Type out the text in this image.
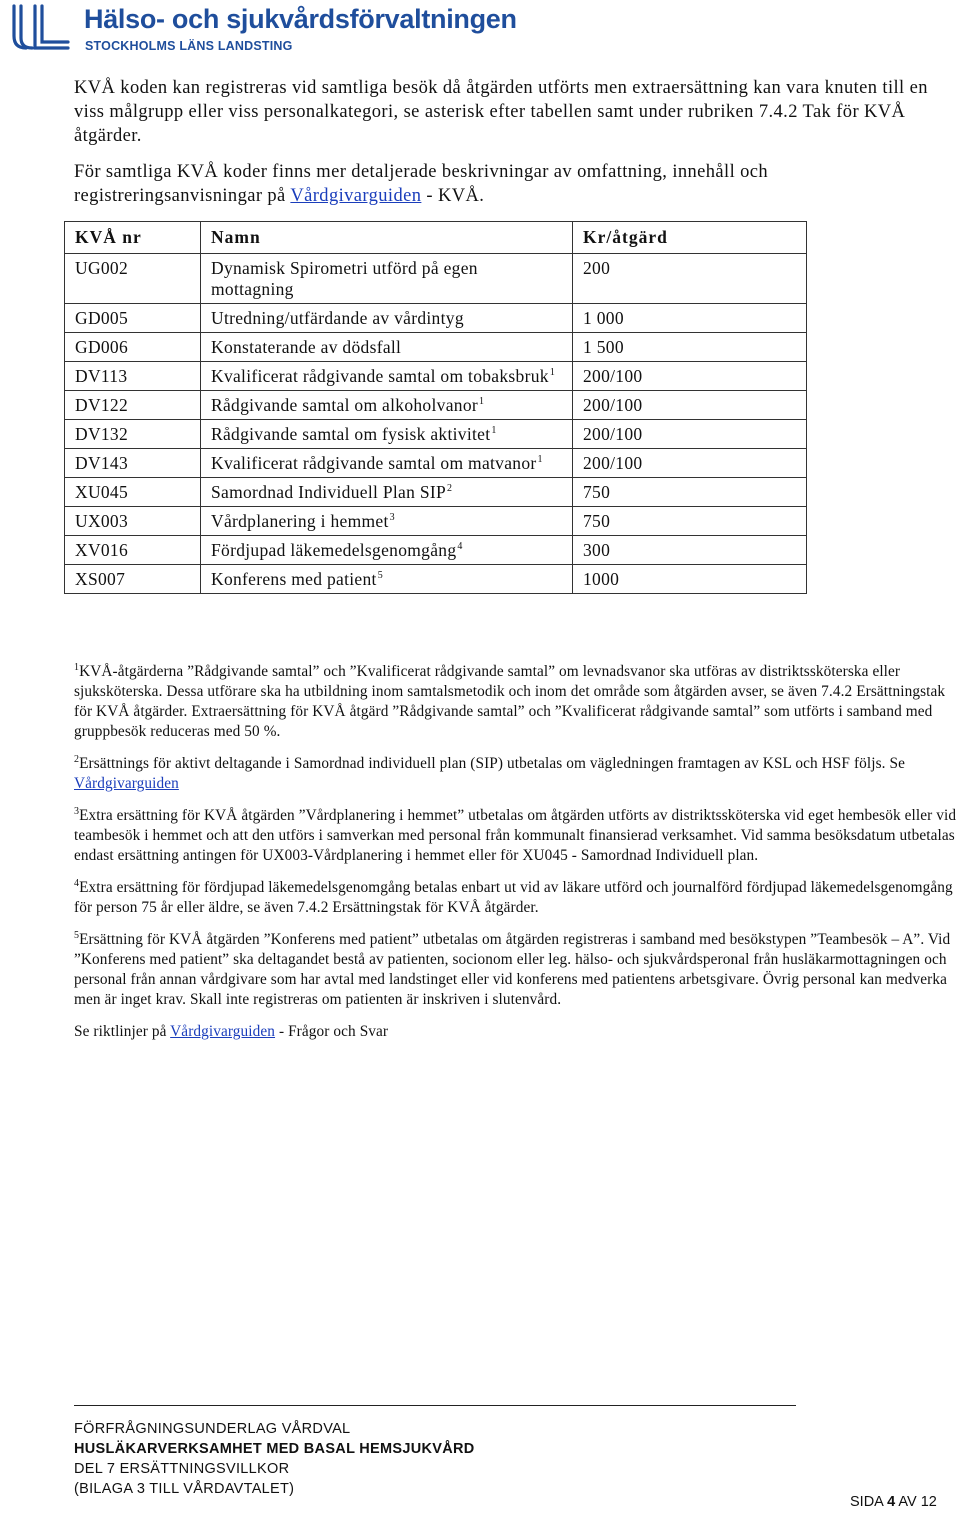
Hälso- och sjukvårdsförvaltningen
STOCKHOLMS LÄNS LANDSTING

KVÅ koden kan registreras vid samtliga besök då åtgärden utförts men extraersättning kan vara knuten till en viss målgrupp eller viss personalkategori, se asterisk efter tabellen samt under rubriken 7.4.2 Tak för KVÅ åtgärder.

För samtliga KVÅ koder finns mer detaljerade beskrivningar av omfattning, innehåll och registreringsanvisningar på Vårdgivarguiden - KVÅ.

KVÅ nr	Namn	Kr/åtgärd
UG002	Dynamisk Spirometri utförd på egen mottagning	200
GD005	Utredning/utfärdande av vårdintyg	1 000
GD006	Konstaterande av dödsfall	1 500
DV113	Kvalificerat rådgivande samtal om tobaksbruk$^1$	200/100
DV122	Rådgivande samtal om alkoholvanor$^1$	200/100
DV132	Rådgivande samtal om fysisk aktivitet$^1$	200/100
DV143	Kvalificerat rådgivande samtal om matvanor$^1$	200/100
XU045	Samordnad Individuell Plan SIP$^2$	750
UX003	Vårdplanering i hemmet$^3$	750
XV016	Fördjupad läkemedelsgenomgång$^4$	300
XS007	Konferens med patient$^5$	1000

$^1$KVÅ-åtgärderna ”Rådgivande samtal” och ”Kvalificerat rådgivande samtal” om levnadsvanor ska utföras av distriktssköterska eller sjuksköterska. Dessa utförare ska ha utbildning inom samtalsmetodik och inom det område som åtgärden avser, se även 7.4.2 Ersättningstak för KVÅ åtgärder. Extraersättning för KVÅ åtgärd ”Rådgivande samtal” och ”Kvalificerat rådgivande samtal” som utförts i samband med gruppbesök reduceras med 50 %.

$^2$Ersättnings för aktivt deltagande i Samordnad individuell plan (SIP) utbetalas om vägledningen framtagen av KSL och HSF följs. Se Vårdgivarguiden

$^3$Extra ersättning för KVÅ åtgärden ”Vårdplanering i hemmet” utbetalas om åtgärden utförts av distriktssköterska vid eget hembesök eller vid teambesök i hemmet och att den utförs i samverkan med personal från kommunalt finansierad verksamhet. Vid samma besöksdatum utbetalas endast ersättning antingen för UX003-Vårdplanering i hemmet eller för XU045 - Samordnad Individuell plan.

$^4$Extra ersättning för fördjupad läkemedelsgenomgång betalas enbart ut vid av läkare utförd och journalförd fördjupad läkemedelsgenomgång för person 75 år eller äldre, se även 7.4.2 Ersättningstak för KVÅ åtgärder.

$^5$Ersättning för KVÅ åtgärden ”Konferens med patient” utbetalas om åtgärden registreras i samband med besökstypen ”Teambesök – A”. Vid ”Konferens med patient” ska deltagandet bestå av patienten, socionom eller leg. hälso- och sjukvårdsperonal från husläkarmottagningen och personal från annan vårdgivare som har avtal med landstinget eller vid konferens med patientens arbetsgivare. Övrig personal kan medverka men är inget krav. Skall inte registreras om patienten är inskriven i slutenvård.

Se riktlinjer på Vårdgivarguiden - Frågor och Svar

FÖRFRÅGNINGSUNDERLAG VÅRDVAL
HUSLÄKARVERKSAMHET MED BASAL HEMSJUKVÅRD
DEL 7 ERSÄTTNINGSVILLKOR
(BILAGA 3 TILL VÅRDAVTALET)
SIDA 4 AV 12
